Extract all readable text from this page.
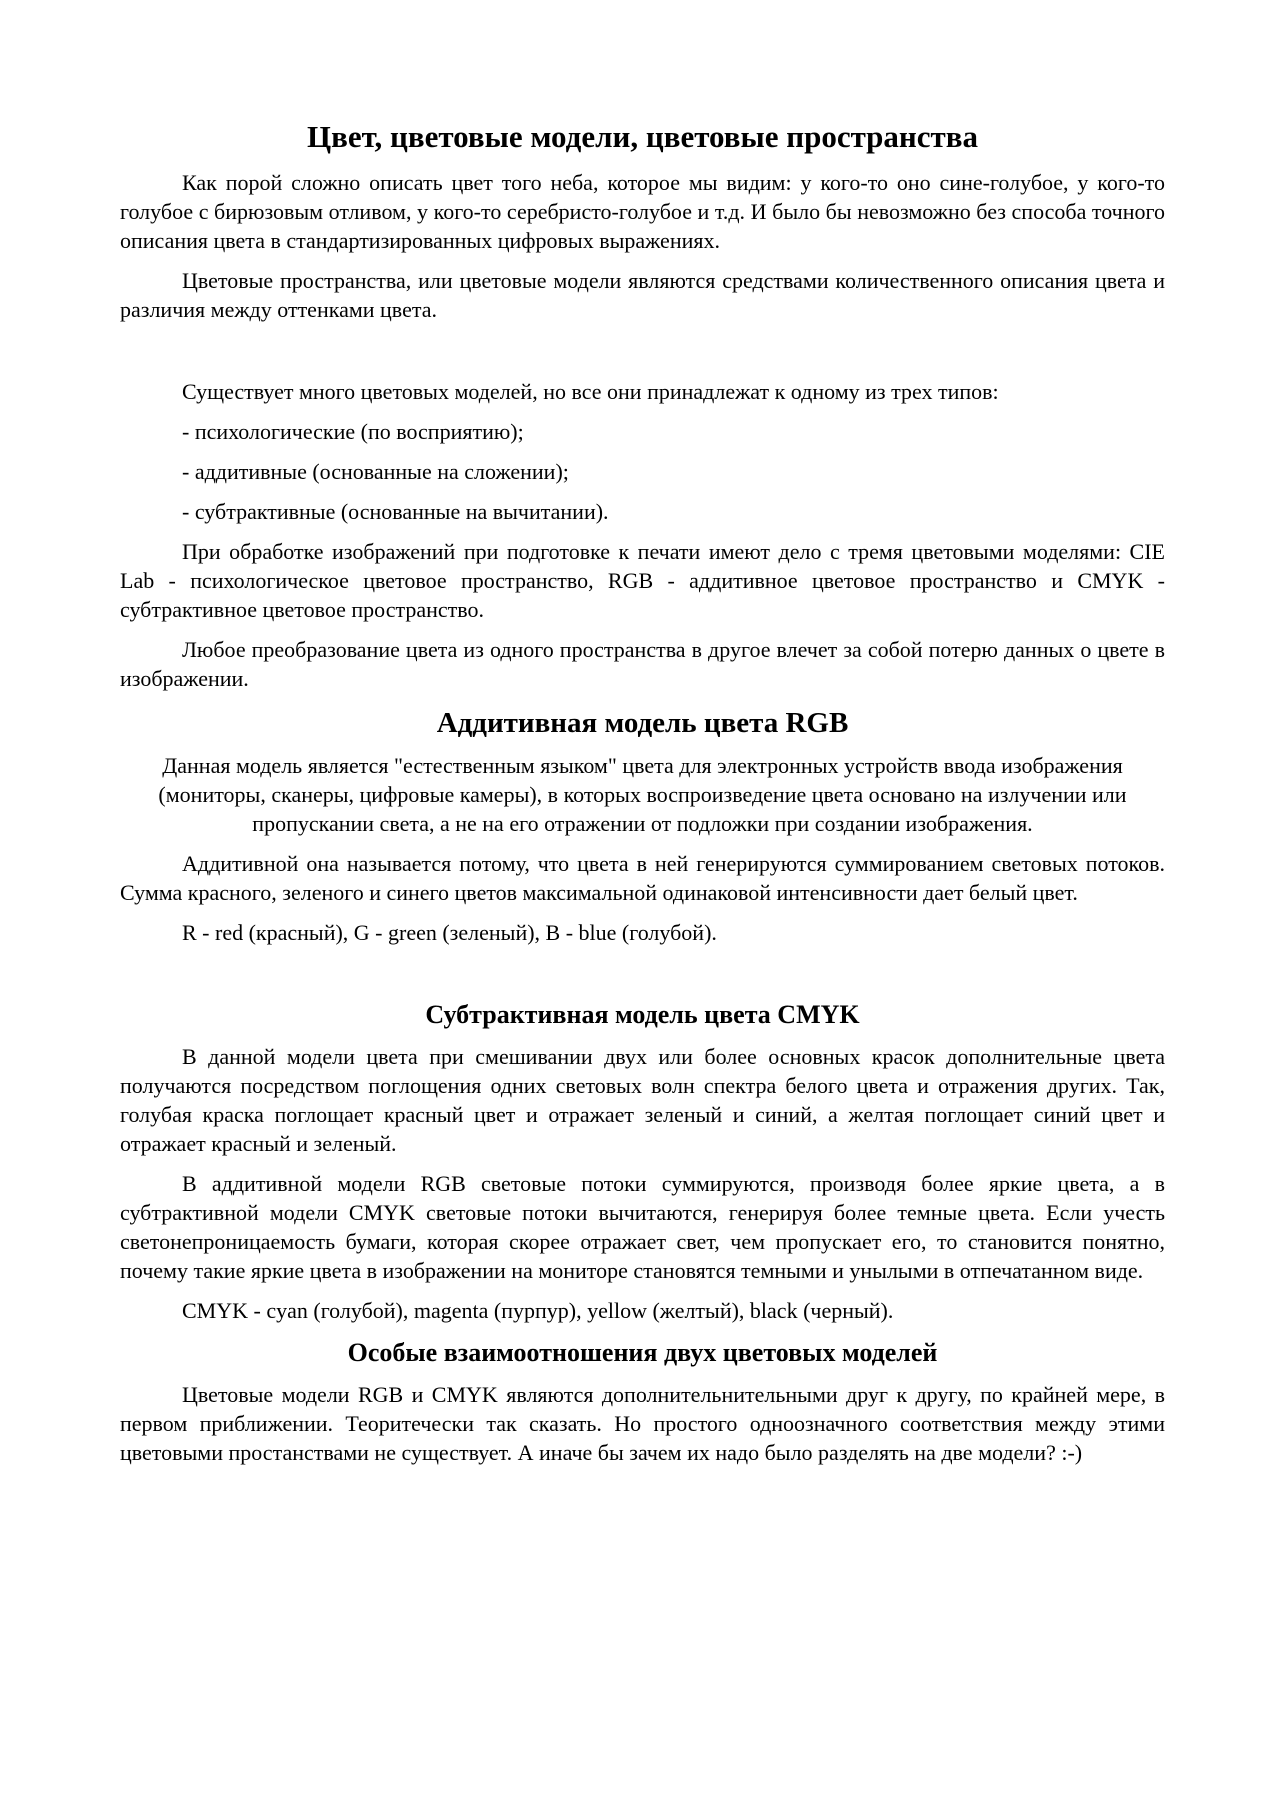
Цвет, цветовые модели, цветовые пространства

Как порой сложно описать цвет того неба, которое мы видим: у кого-то оно сине-голубое, у кого-то голубое с бирюзовым отливом, у кого-то серебристо-голубое и т.д. И было бы невозможно без способа точного описания цвета в стандартизированных цифровых выражениях.

Цветовые пространства, или цветовые модели являются средствами количественного описания цвета и различия между оттенками цвета.

Существует много цветовых моделей, но все они принадлежат к одному из трех типов:

- психологические (по восприятию);

- аддитивные (основанные на сложении);

- субтрактивные (основанные на вычитании).

При обработке изображений при подготовке к печати имеют дело с тремя цветовыми моделями: CIE Lab - психологическое цветовое пространство, RGB - аддитивное цветовое пространство и CMYK - субтрактивное цветовое пространство.

Любое преобразование цвета из одного пространства в другое влечет за собой потерю данных о цвете в изображении.

Аддитивная модель цвета RGB

Данная модель является "естественным языком" цвета для электронных устройств ввода изображения (мониторы, сканеры, цифровые камеры), в которых воспроизведение цвета основано на излучении или пропускании света, а не на его отражении от подложки при создании изображения.

Аддитивной она называется потому, что цвета в ней генерируются суммированием световых потоков. Сумма красного, зеленого и синего цветов максимальной одинаковой интенсивности дает белый цвет.

R - red (красный), G - green (зеленый), B - blue (голубой).

Субтрактивная модель цвета CMYK

В данной модели цвета при смешивании двух или более основных красок дополнительные цвета получаются посредством поглощения одних световых волн спектра белого цвета и отражения других. Так, голубая краска поглощает красный цвет и отражает зеленый и синий, а желтая поглощает синий цвет и отражает красный и зеленый.

В аддитивной модели RGB световые потоки суммируются, производя более яркие цвета, а в субтрактивной модели CMYK световые потоки вычитаются, генерируя более темные цвета. Если учесть светонепроницаемость бумаги, которая скорее отражает свет, чем пропускает его, то становится понятно, почему такие яркие цвета в изображении на мониторе становятся темными и унылыми в отпечатанном виде.

CMYK - cyan (голубой), magenta (пурпур), yellow (желтый), black (черный).

Особые взаимоотношения двух цветовых моделей

Цветовые модели RGB и CMYK являются дополнительнительными друг к другу, по крайней мере, в первом приближении. Теоритечески так сказать. Но простого одноозначного соответствия между этими цветовыми простанствами не существует. А иначе бы зачем их надо было разделять на две модели? :-)
